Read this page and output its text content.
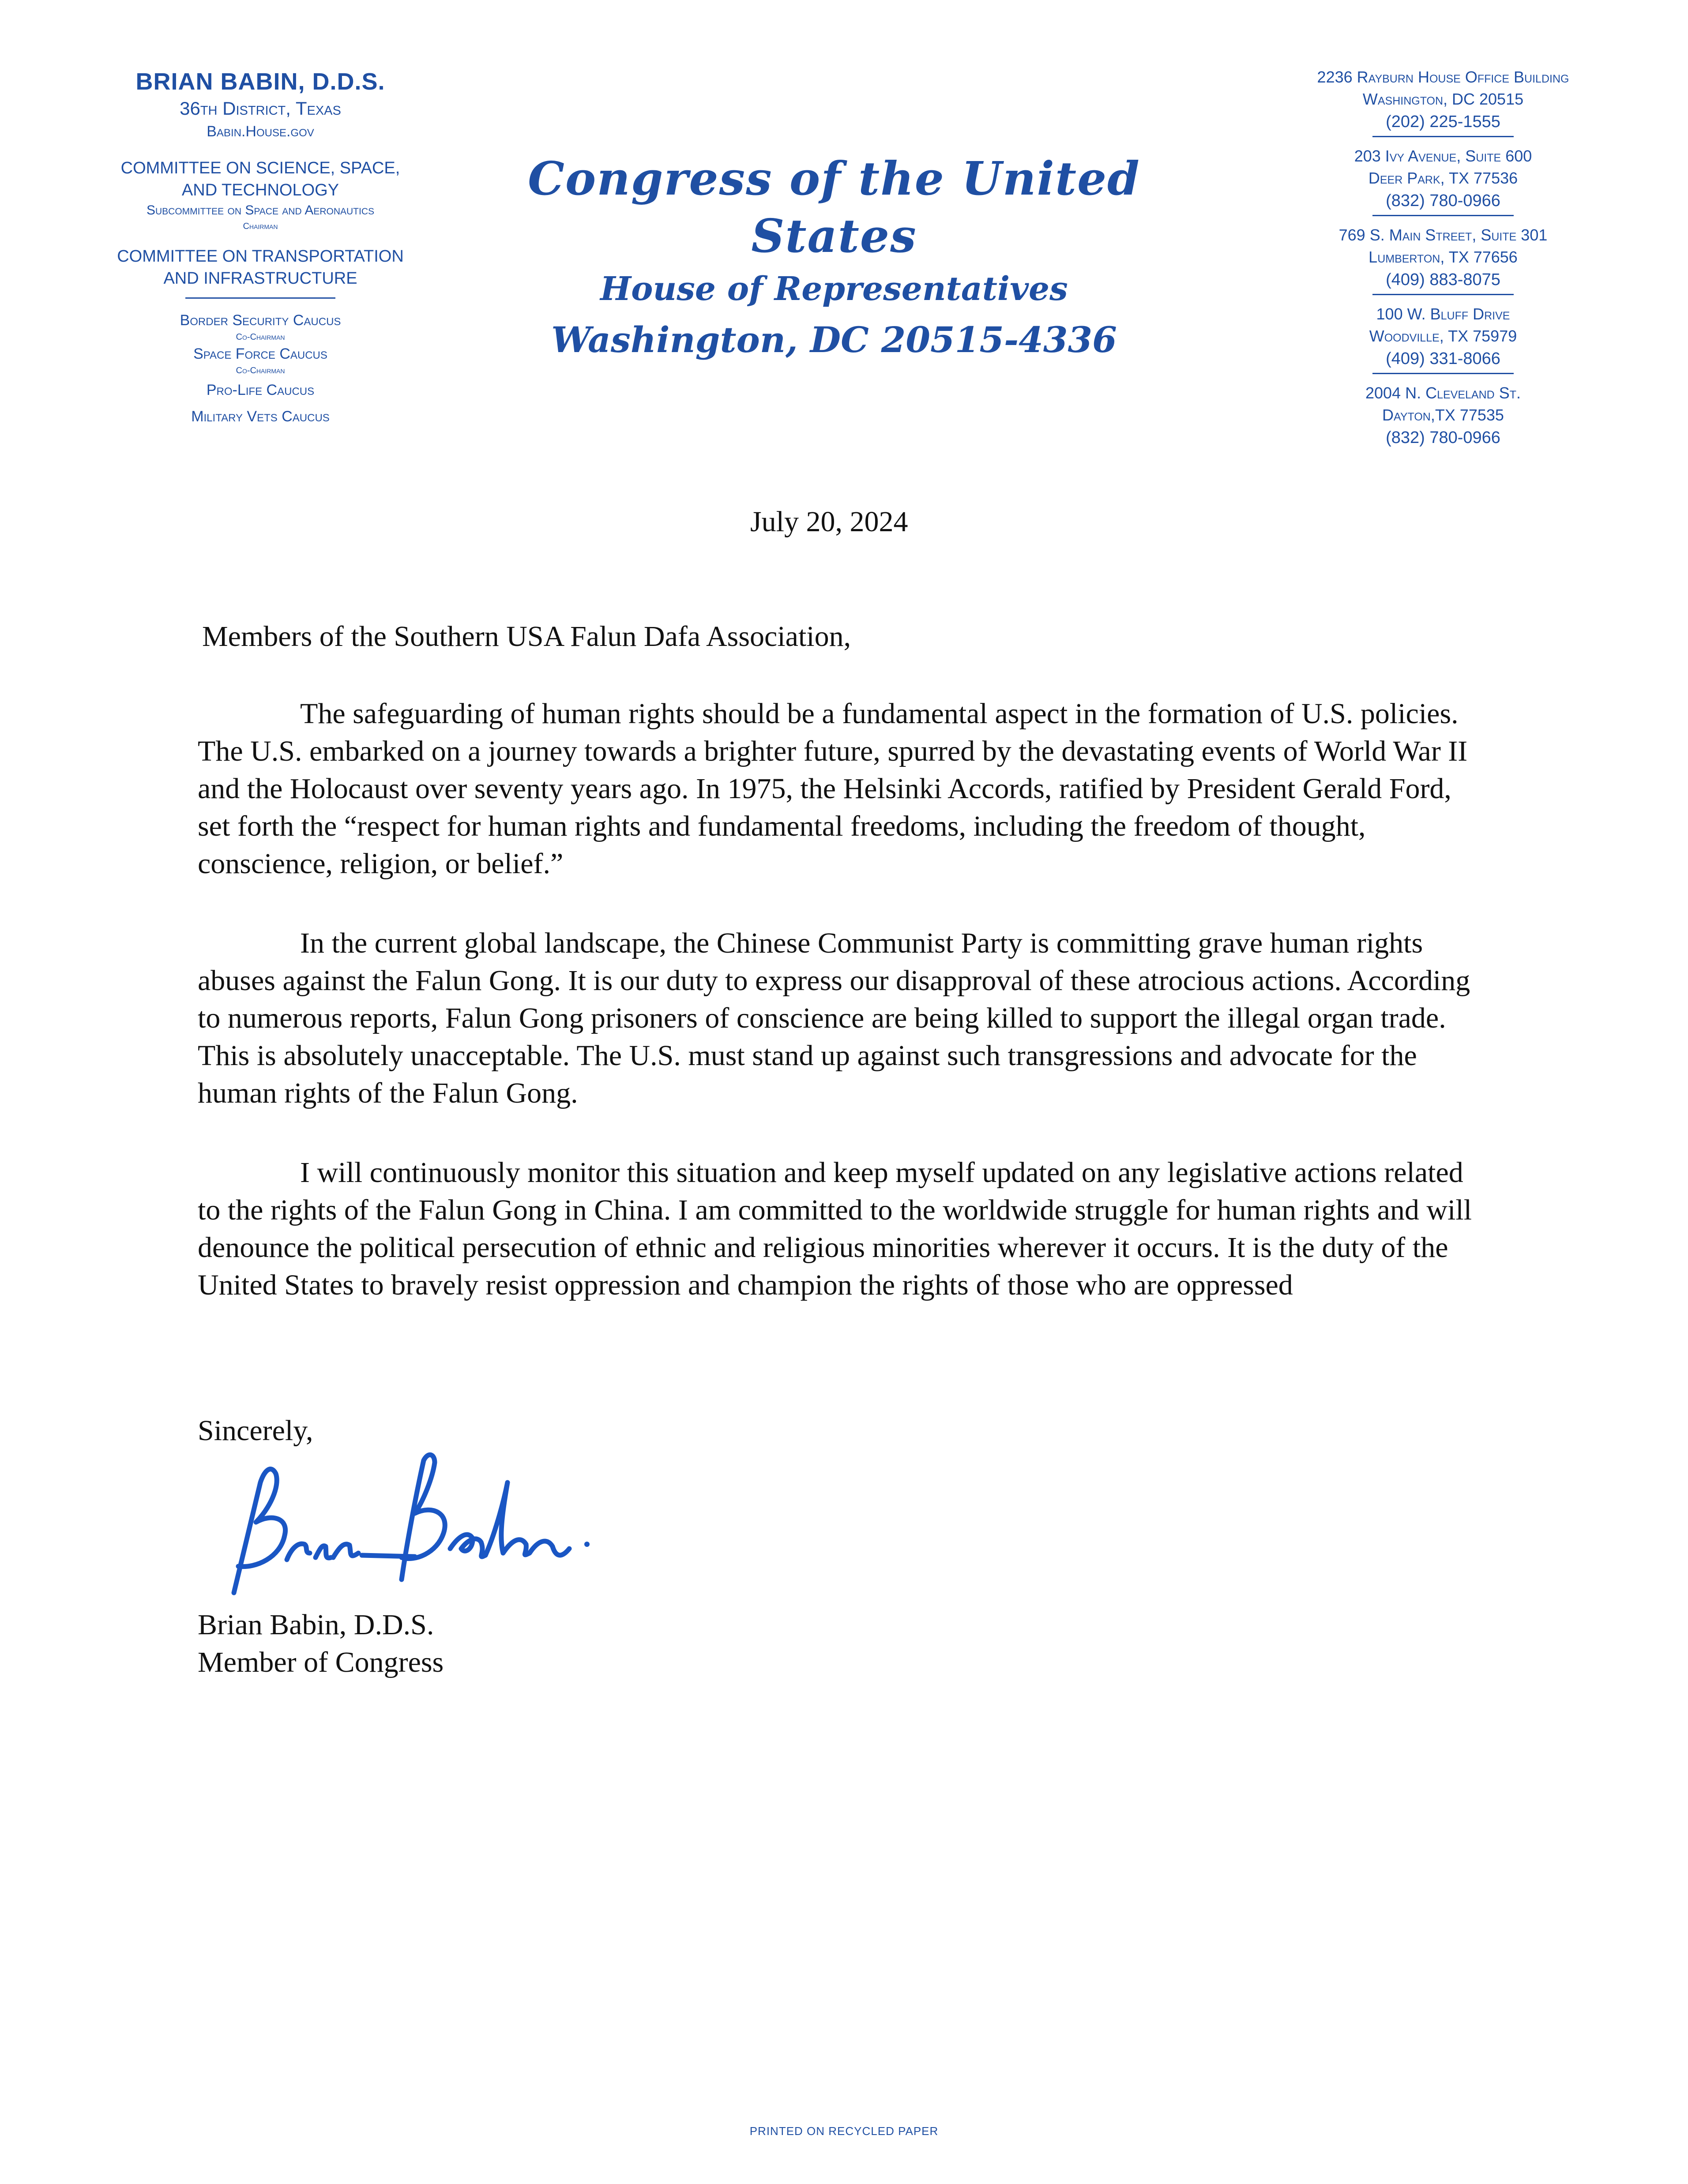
BRIAN BABIN, D.D.S.
36th District, Texas
Babin.House.gov
COMMITTEE ON SCIENCE, SPACE,
AND TECHNOLOGY
Subcommittee on Space and Aeronautics
Chairman
COMMITTEE ON TRANSPORTATION
AND INFRASTRUCTURE
Border Security Caucus
Co-Chairman
Space Force Caucus
Co-Chairman
Pro-Life Caucus
Military Vets Caucus
Congress of the United States
House of Representatives
Washington, DC 20515-4336
2236 Rayburn House Office Building
Washington, DC 20515
(202) 225-1555
203 Ivy Avenue, Suite 600
Deer Park, TX 77536
(832) 780-0966
769 S. Main Street, Suite 301
Lumberton, TX 77656
(409) 883-8075
100 W. Bluff Drive
Woodville, TX 75979
(409) 331-8066
2004 N. Cleveland St.
Dayton,TX 77535
(832) 780-0966
July 20, 2024
Members of the Southern USA Falun Dafa Association,
The safeguarding of human rights should be a fundamental aspect in the formation of U.S. policies. The U.S. embarked on a journey towards a brighter future, spurred by the devastating events of World War II and the Holocaust over seventy years ago. In 1975, the Helsinki Accords, ratified by President Gerald Ford, set forth the “respect for human rights and fundamental freedoms, including the freedom of thought, conscience, religion, or belief.”
In the current global landscape, the Chinese Communist Party is committing grave human rights abuses against the Falun Gong. It is our duty to express our disapproval of these atrocious actions. According to numerous reports, Falun Gong prisoners of conscience are being killed to support the illegal organ trade. This is absolutely unacceptable. The U.S. must stand up against such transgressions and advocate for the human rights of the Falun Gong.
I will continuously monitor this situation and keep myself updated on any legislative actions related to the rights of the Falun Gong in China. I am committed to the worldwide struggle for human rights and will denounce the political persecution of ethnic and religious minorities wherever it occurs. It is the duty of the United States to bravely resist oppression and champion the rights of those who are oppressed
Sincerely,
Brian Babin, D.D.S.
Member of Congress
PRINTED ON RECYCLED PAPER
